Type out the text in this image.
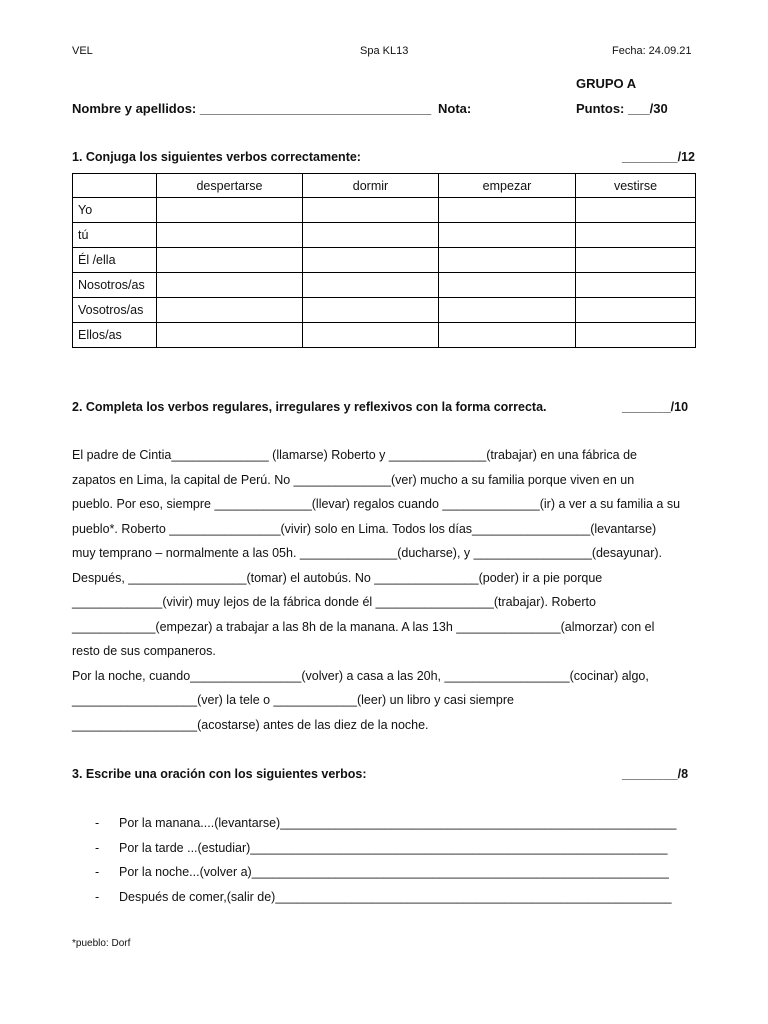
VEL	Spa KL13	Fecha: 24.09.21
GRUPO A
Nombre y apellidos: ________________________________ Nota:	Puntos: ___/30
1. Conjuga los siguientes verbos correctamente:	________/12
	despertarse	dormir	empezar	vestirse
Yo				
tú				
Él /ella				
Nosotros/as				
Vosotros/as				
Ellos/as				
2. Completa los verbos regulares, irregulares y reflexivos con la forma correcta.	_______/10
El padre de Cintia______________ (llamarse) Roberto y ______________(trabajar) en una fábrica de
zapatos en Lima, la capital de Perú. No ______________(ver) mucho a su familia porque viven en un
pueblo. Por eso, siempre ______________(llevar) regalos cuando ______________(ir) a ver a su familia a su
pueblo*. Roberto ________________(vivir) solo en Lima. Todos los días_________________(levantarse)
muy temprano – normalmente a las 05h. ______________(ducharse), y _________________(desayunar).
Después, _________________(tomar) el autobús. No _______________(poder) ir a pie porque
_____________(vivir) muy lejos de la fábrica donde él _________________(trabajar). Roberto
____________(empezar) a trabajar a las 8h de la manana. A las 13h _______________(almorzar) con el
resto de sus companeros.
Por la noche, cuando________________(volver) a casa a las 20h, __________________(cocinar) algo,
__________________(ver) la tele o ____________(leer) un libro y casi siempre
__________________(acostarse) antes de las diez de la noche.
3. Escribe una oración con los siguientes verbos:	________/8
- Por la manana....(levantarse)_________________________________________________________
- Por la tarde ...(estudiar)____________________________________________________________
- Por la noche...(volver a)____________________________________________________________
- Después de comer,(salir de)_________________________________________________________
*pueblo: Dorf
